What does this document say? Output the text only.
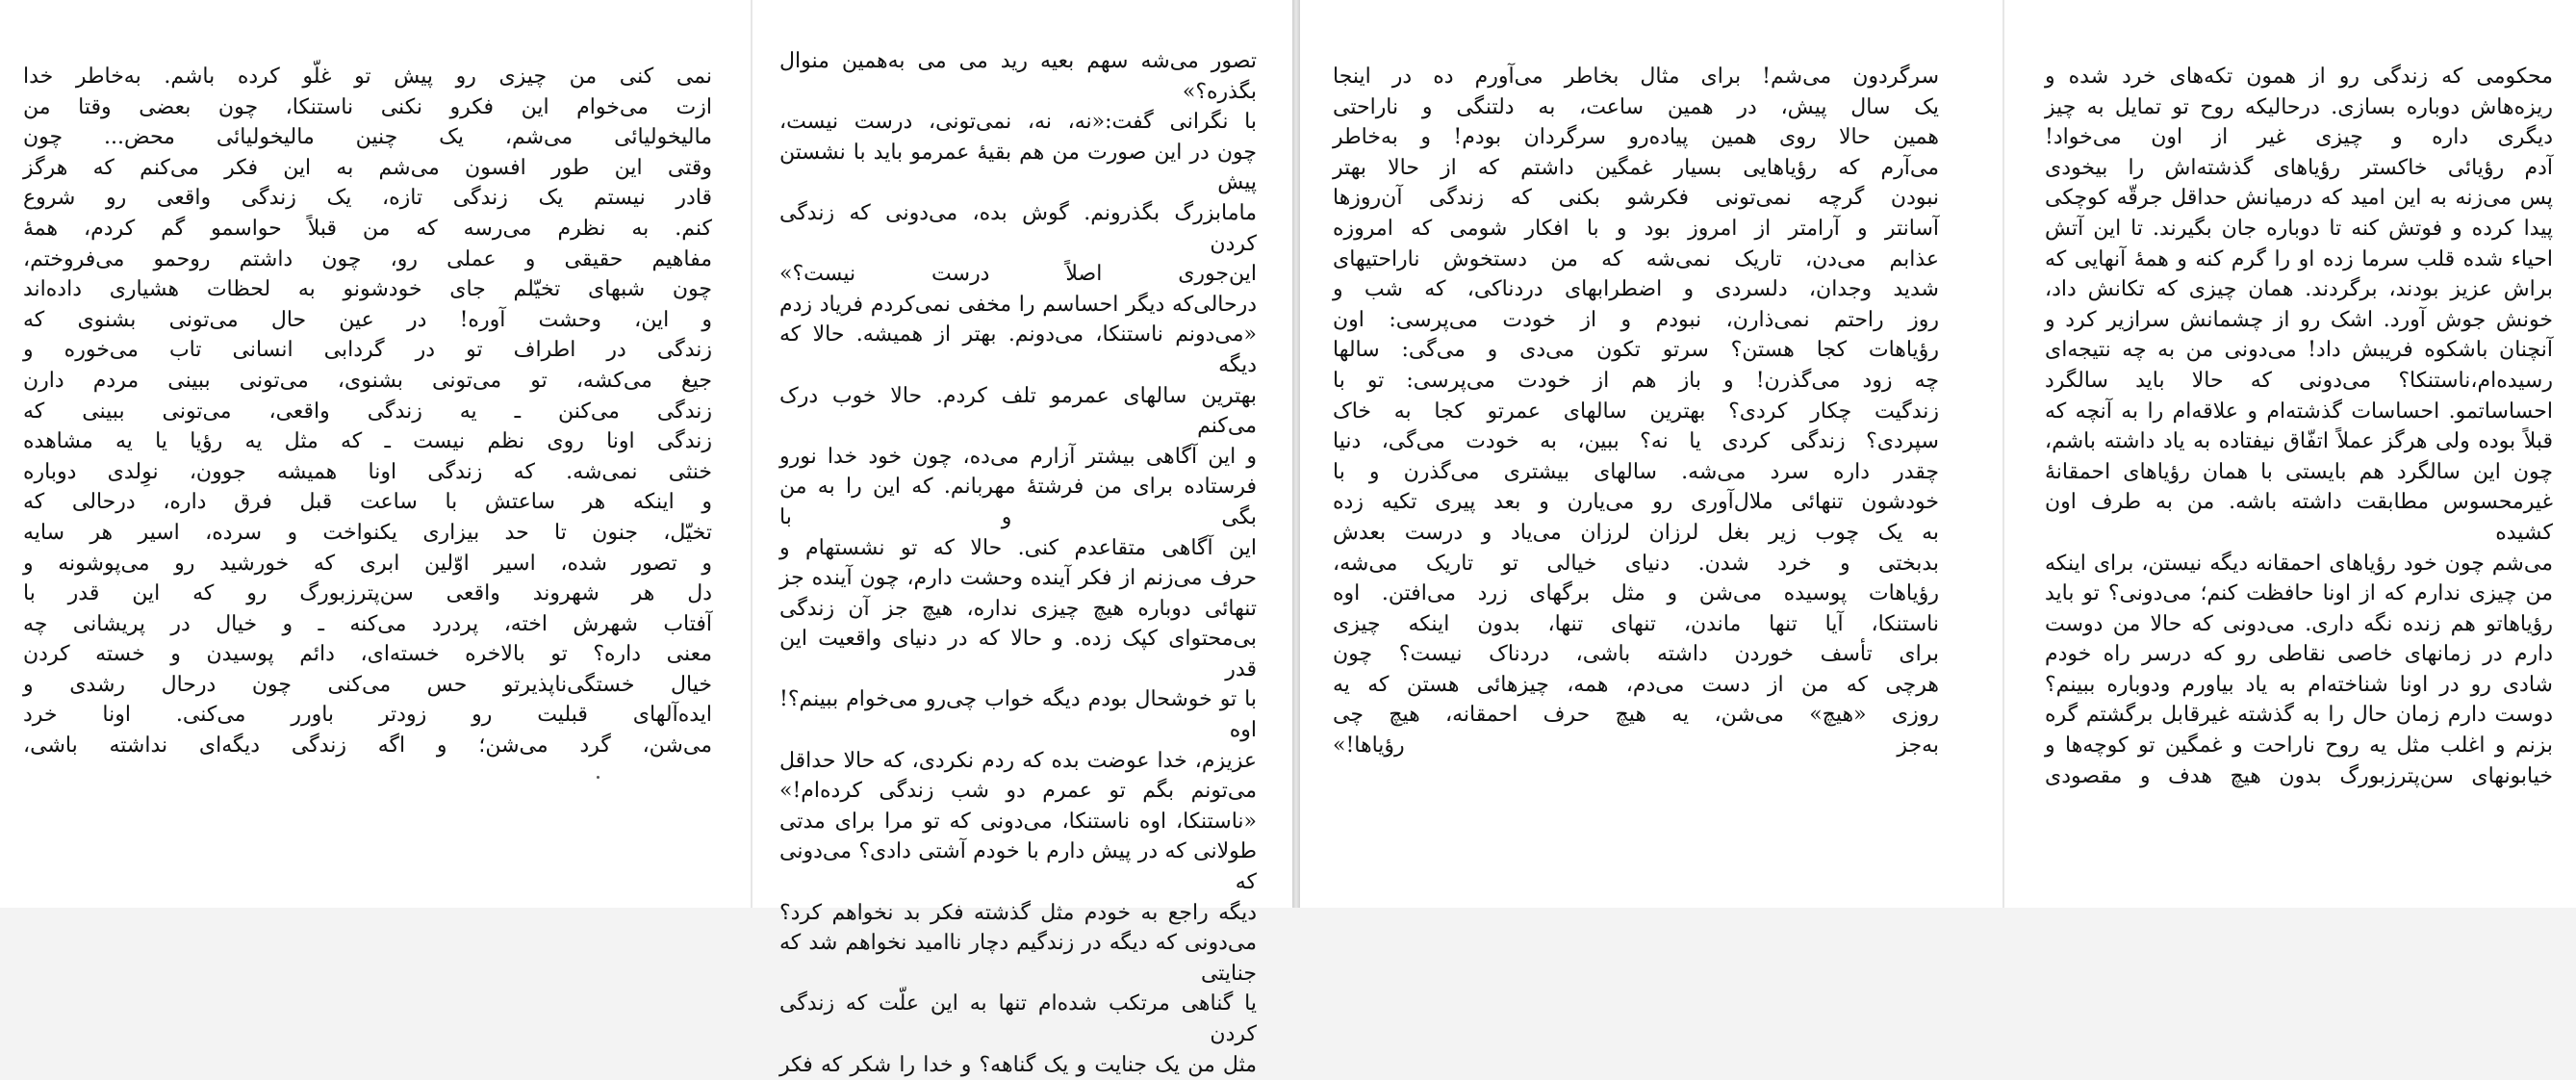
نمی کنی من چیزی رو پیش تو غلّو کرده باشم. به‌خاطر خدا

ازت می‌خوام این فکرو نکنی ناستنکا، چون بعضی وقتا من

مالیخولیائی می‌شم، یک چنین مالیخولیائی محض... چون

وقتی این طور افسون می‌شم به این فکر می‌کنم که هرگز

قادر نیستم یک زندگی تازه، یک زندگی واقعی رو شروع

کنم. به نظرم می‌رسه که من قبلاً حواسمو گم کردم، همهٔ

مفاهیم حقیقی و عملی رو، چون داشتم روحمو می‌فروختم،

چون شبهای تخیّلم جای خودشونو به لحظات هشیاری داده‌اند

و این، وحشت آوره! در عین حال می‌تونی بشنوی که

زندگی در اطراف تو در گردابی انسانی تاب می‌خوره و

جیغ می‌کشه، تو می‌تونی بشنوی، می‌تونی ببینی مردم دارن

زندگی می‌کنن ـ یه زندگی واقعی، می‌تونی ببینی که

زندگی اونا روی نظم نیست ـ که مثل یه رؤیا یا یه مشاهده

خنثی نمی‌شه. که زندگی اونا همیشه جوون، نوِلدی دوباره

و اینکه هر ساعتش با ساعت قبل فرق داره، درحالی که

تخیّل، جنون تا حد بیزاری یکنواخت و سرده، اسیر هر سایه

و تصور شده، اسیر اوّلین ابری که خورشید رو می‌پوشونه و

دل هر شهروند واقعی سن‌پترزبورگ رو که این قدر با

آفتاب شهرش اخته، پردرد می‌کنه ـ و خیال در پریشانی چه

معنی داره؟ تو بالاخره خسته‌ای، دائم پوسیدن و خسته کردن

خیال خستگی‌ناپذیرتو حس می‌کنی چون درحال رشدی و

ایده‌آلهای قبلیت رو زودتر باورر می‌کنی. اونا خرد

می‌شن، گرد می‌شن؛ و اگه زندگی دیگه‌ای نداشته باشی،

تصور می‌شه سهم بعیه رید می می به‌همین منوال بگذره؟»

با نگرانی گفت:«نه، نه، نمی‌تونی، درست نیست،

چون در این صورت من هم بقیهٔ عمرمو باید با نشستن پیش

مامابزرگ بگذرونم. گوش بده، می‌دونی که زندگی کردن

این‌جوری اصلاً درست نیست؟»

درحالی‌که دیگر احساسم را مخفی نمی‌کردم فریاد زدم

«می‌دونم ناستنکا، می‌دونم. بهتر از همیشه. حالا که دیگه

بهترین سالهای عمرمو تلف کردم. حالا خوب درک می‌کنم

و این آگاهی بیشتر آزارم می‌ده، چون خود خدا نورو

فرستاده برای من فرشتهٔ مهربانم. که این را به من بگی و با

این آگاهی متقاعدم کنی. حالا که تو نشستهام و

حرف می‌زنم از فکر آینده وحشت دارم، چون آینده جز

تنهائی دوباره هیچ چیزی نداره، هیچ جز آن زندگی

بی‌محتوای کپک زده. و حالا که در دنیای واقعیت این قدر

با تو خوشحال بودم دیگه خواب چی‌رو می‌خوام ببینم؟! اوه

عزیزم، خدا عوضت بده که ردم نکردی، که حالا حداقل

می‌تونم بگم تو عمرم دو شب زندگی کرده‌ام!»

«ناستنکا، اوه ناستنکا، می‌دونی که تو مرا برای مدتی

طولانی که در پیش دارم با خودم آشتی دادی؟ می‌دونی که

دیگه راجع به خودم مثل گذشته فکر بد نخواهم کرد؟

می‌دونی که دیگه در زندگیم دچار ناامید نخواهم شد که جنایتی

یا گناهی مرتکب شده‌ام تنها به این علّت که زندگی کردن

مثل من یک جنایت و یک گناهه؟ و خدا را شکر که فکر

سرگردون می‌شم! برای مثال بخاطر می‌آورم ده در اینجا

یک سال پیش، در همین ساعت، به دلتنگی و ناراحتی

همین حالا روی همین پیاده‌رو سرگردان بودم! و به‌خاطر

می‌آرم که رؤیاهایی بسیار غمگین داشتم که از حالا بهتر

نبودن گرچه نمی‌تونی فکرشو بکنی که زندگی آن‌روزها

آسانتر و آرامتر از امروز بود و با افکار شومی که امروزه

عذابم می‌دن، تاریک نمی‌شه که من دستخوش ناراحتیهای

شدید وجدان، دلسردی و اضطرابهای دردناکی، که شب و

روز راحتم نمی‌ذارن، نبودم و از خودت می‌پرسی: اون

رؤیاهات کجا هستن؟ سرتو تکون می‌دی و می‌گی: سالها

چه زود می‌گذرن! و باز هم از خودت می‌پرسی: تو با

زندگیت چکار کردی؟ بهترین سالهای عمرتو کجا به خاک

سپردی؟ زندگی کردی یا نه؟ ببین، به خودت می‌گی، دنیا

چقدر داره سرد می‌شه. سالهای بیشتری می‌گذرن و با

خودشون تنهائی ملال‌آوری رو می‌یارن و بعد پیری تکیه زده

به یک چوب زیر بغل لرزان لرزان می‌یاد و درست بعدش

بدبختی و خرد شدن. دنیای خیالی تو تاریک می‌شه،

رؤیاهات پوسیده می‌شن و مثل برگهای زرد می‌افتن. اوه

ناستنکا، آیا تنها ماندن، تنهای تنها، بدون اینکه چیزی

برای تأسف خوردن داشته باشی، دردناک نیست؟ چون

هرچی که من از دست می‌دم، همه، چیزهائی هستن که یه

روزی «هیچ» می‌شن، یه هیچ حرف احمقانه، هیچ چی

به‌جز رؤیاها!»

محکومی که زندگی رو از همون تکه‌های خرد شده و

ریزه‌هاش دوباره بسازی. درحالیکه روح تو تمایل به چیز

دیگری داره و چیزی غیر از اون می‌خواد!

آدم رؤیائی خاکستر رؤیاهای گذشته‌اش را بیخودی

پس می‌زنه به این امید که درمیانش حداقل جرقّه کوچکی

پیدا کرده و فوتش کنه تا دوباره جان بگیرند. تا این آتش

احیاء شده قلب سرما زده او را گرم کنه و همهٔ آنهایی که

براش عزیز بودند، برگردند. همان چیزی که تکانش داد،

خونش جوش آورد. اشک رو از چشمانش سرازیر کرد و

آنچنان باشکوه فریبش داد! می‌دونی من به چه نتیجه‌ای

رسیده‌ام،ناستنکا؟ می‌دونی که حالا باید سالگرد

احساساتمو. احساسات گذشته‌ام و علاقه‌ام را به آنچه که

قبلاً بوده ولی هرگز عملاً اتفّاق نیفتاده به یاد داشته باشم،

چون این سالگرد هم بایستی با همان رؤیاهای احمقانهٔ

غیرمحسوس مطابقت داشته باشه. من به طرف اون کشیده

می‌شم چون خود رؤیاهای احمقانه دیگه نیستن، برای اینکه

من چیزی ندارم که از اونا حافظت کنم؛ می‌دونی؟ تو باید

رؤیاهاتو هم زنده نگه داری. می‌دونی که حالا من دوست

دارم در زمانهای خاصی نقاطی رو که درسر راه خودم

شادی رو در اونا شناخته‌ام به یاد بیاورم ودوباره ببینم؟

دوست دارم زمان حال را به گذشته غیرقابل برگشتم گره

بزنم و اغلب مثل یه روح ناراحت و غمگین تو کوچه‌ها و

خیابونهای سن‌پترزبورگ بدون هیچ هدف و مقصودی
